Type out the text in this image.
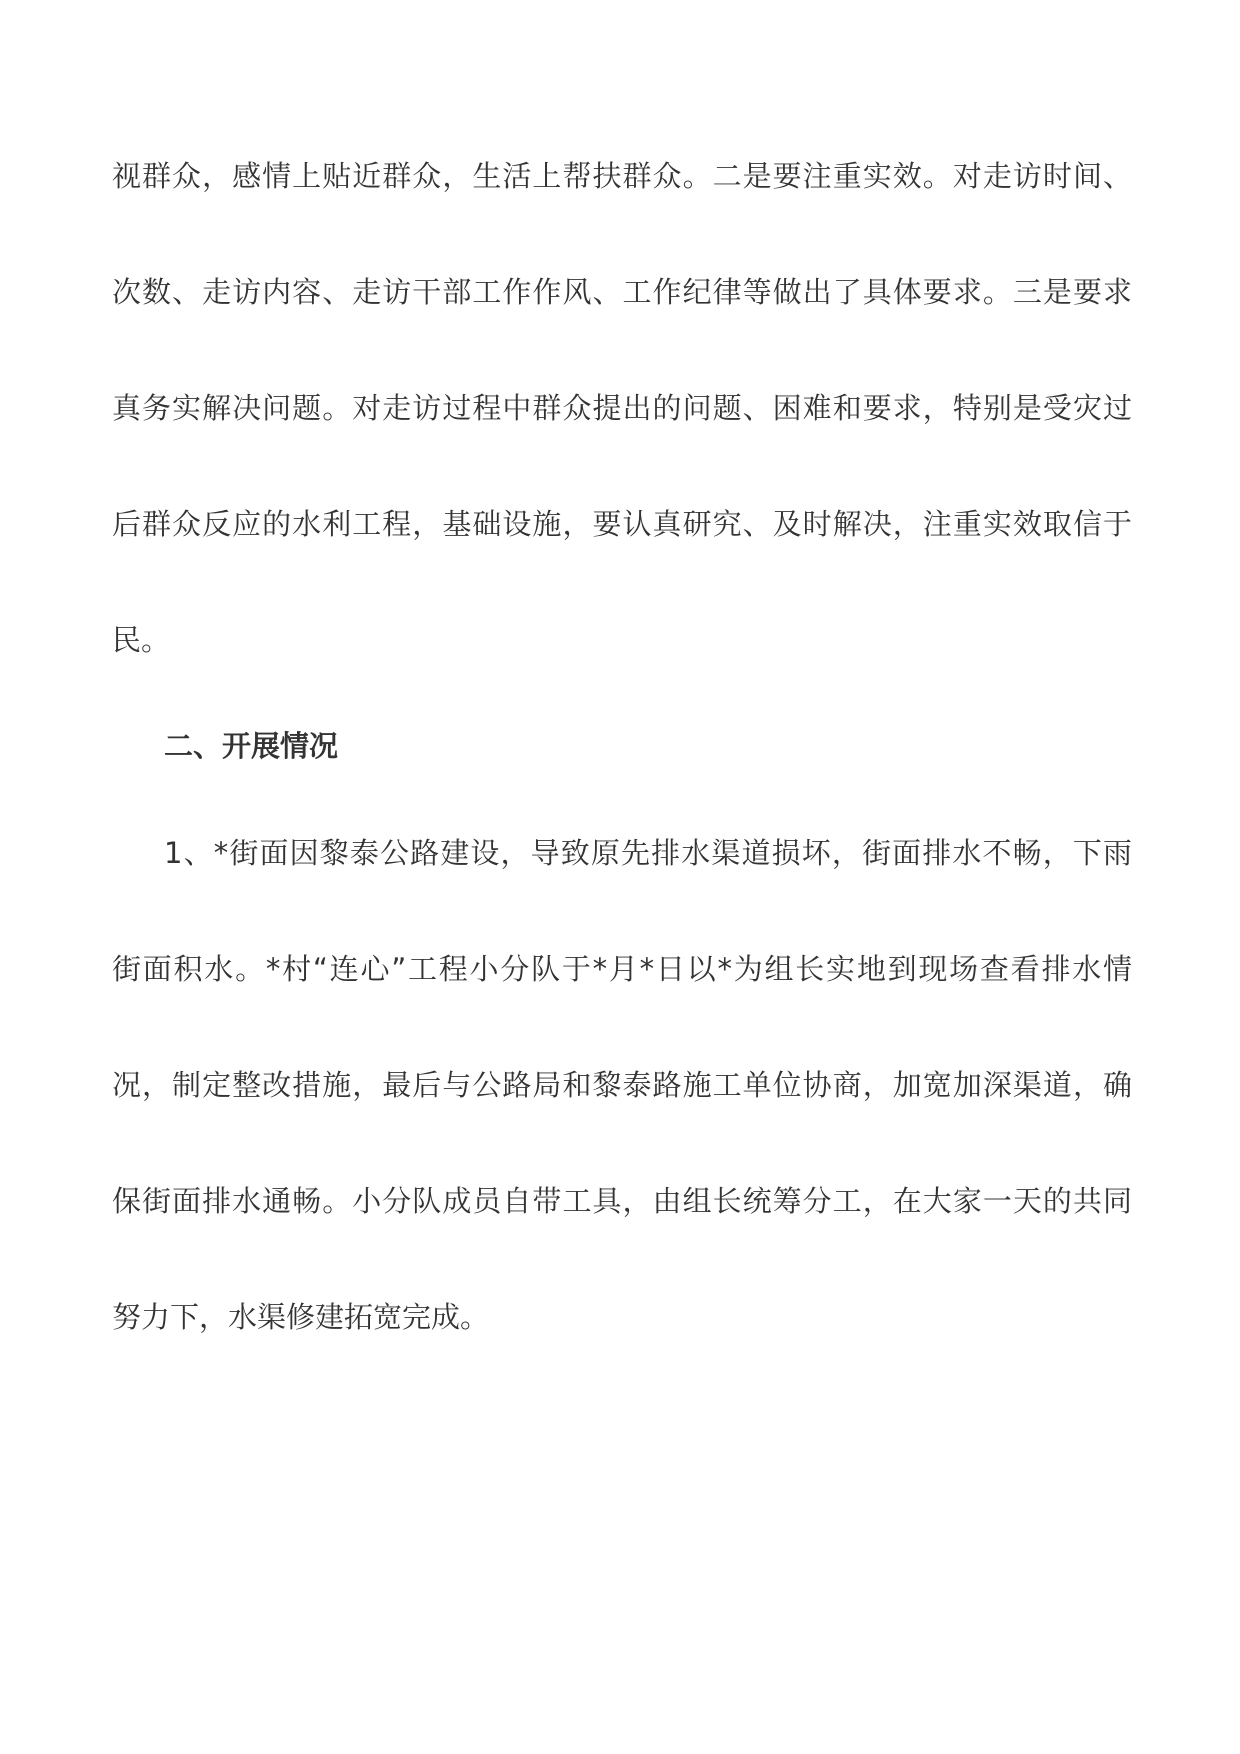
视群众，感情上贴近群众，生活上帮扶群众。二是要注重实效。对走访时间、
次数、走访内容、走访干部工作作风、工作纪律等做出了具体要求。三是要求
真务实解决问题。对走访过程中群众提出的问题、困难和要求，特别是受灾过
后群众反应的水利工程，基础设施，要认真研究、及时解决，注重实效取信于
民。
二、开展情况
1、*街面因黎泰公路建设，导致原先排水渠道损坏，街面排水不畅，下雨
街面积水。*村“连心”工程小分队于*月*日以*为组长实地到现场查看排水情
况，制定整改措施，最后与公路局和黎泰路施工单位协商，加宽加深渠道，确
保街面排水通畅。小分队成员自带工具，由组长统筹分工，在大家一天的共同
努力下，水渠修建拓宽完成。
